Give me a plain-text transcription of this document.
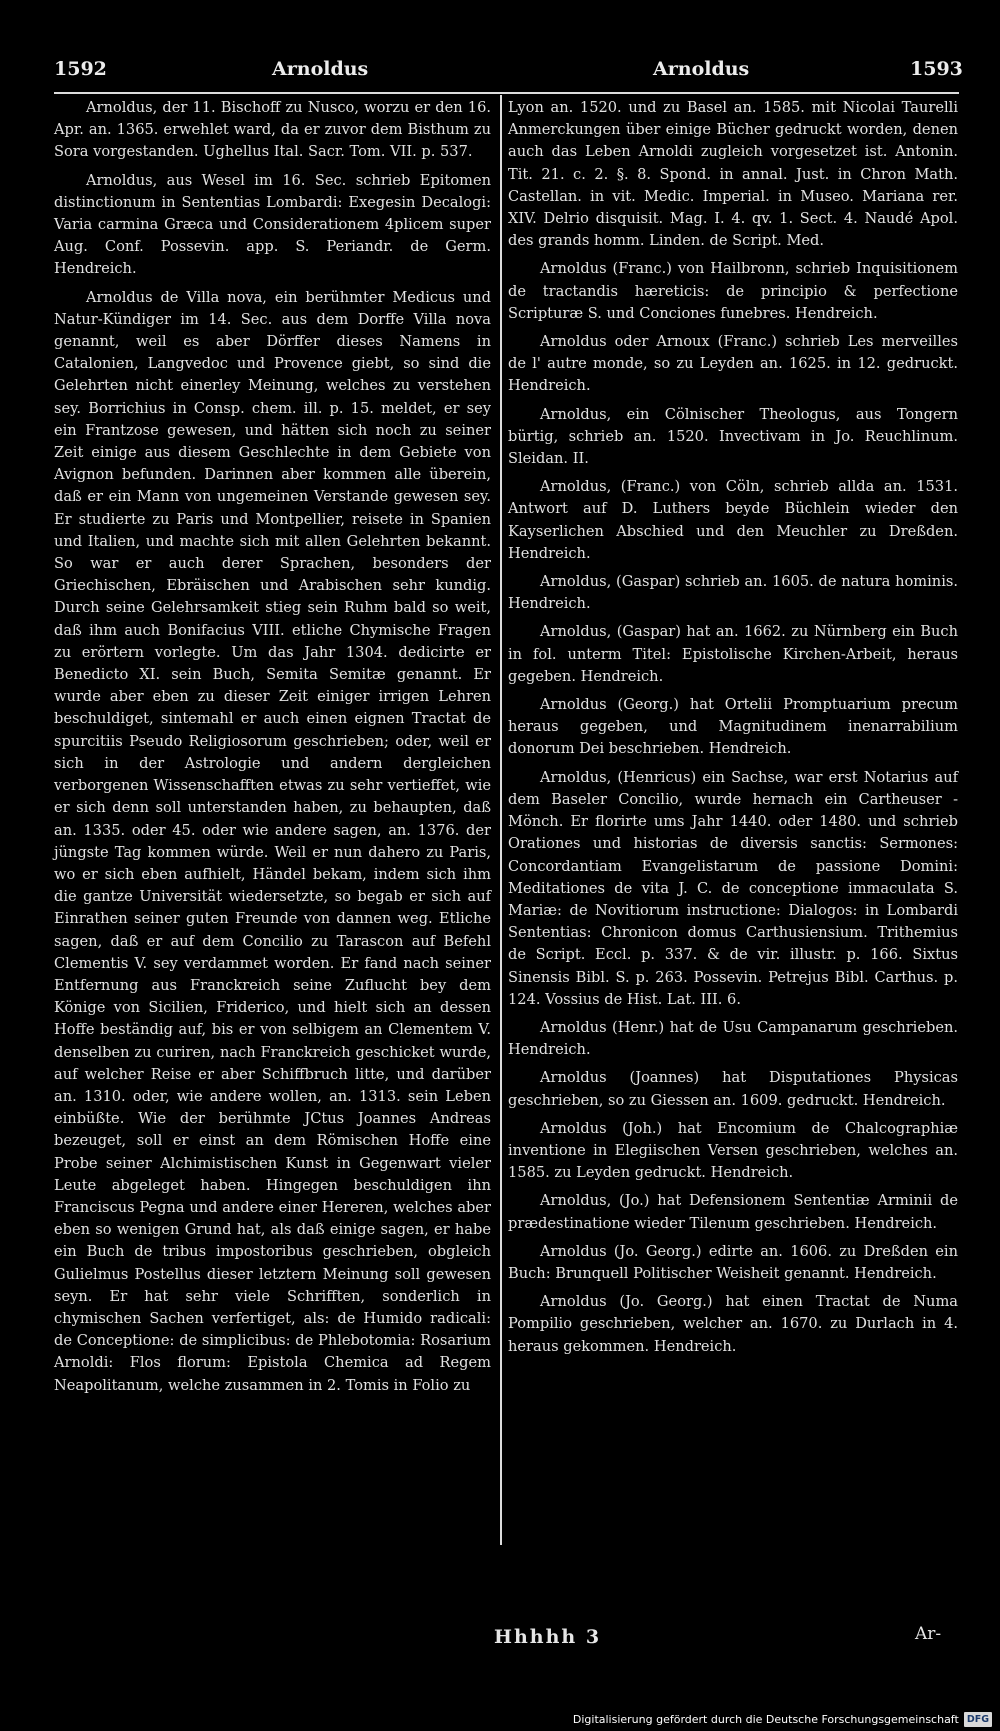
1592	Arnoldus	Arnoldus	1593

Arnoldus, der 11. Bischoff zu Nusco, worzu er den 16. Apr. an. 1365. erwehlet ward, da er zuvor dem Bisthum zu Sora vorgestanden. Ughellus Ital. Sacr. Tom. VII. p. 537.

Arnoldus, aus Wesel im 16. Sec. schrieb Epitomen distinctionum in Sententias Lombardi: Exegesin Decalogi: Varia carmina Græca und Considerationem 4plicem super Aug. Conf. Possevin. app. S. Periandr. de Germ. Hendreich.

Arnoldus de Villa nova, ein berühmter Medicus und Natur-Kündiger im 14. Sec. aus dem Dorffe Villa nova genannt, weil es aber Dörffer dieses Namens in Catalonien, Langvedoc und Provence giebt, so sind die Gelehrten nicht einerley Meinung, welches zu verstehen sey. Borrichius in Consp. chem. ill. p. 15. meldet, er sey ein Frantzose gewesen, und hätten sich noch zu seiner Zeit einige aus diesem Geschlechte in dem Gebiete von Avignon befunden. Darinnen aber kommen alle überein, daß er ein Mann von ungemeinen Verstande gewesen sey. Er studierte zu Paris und Montpellier, reisete in Spanien und Italien, und machte sich mit allen Gelehrten bekannt. So war er auch derer Sprachen, besonders der Griechischen, Ebräischen und Arabischen sehr kundig. Durch seine Gelehrsamkeit stieg sein Ruhm bald so weit, daß ihm auch Bonifacius VIII. etliche Chymische Fragen zu erörtern vorlegte. Um das Jahr 1304. dedicirte er Benedicto XI. sein Buch, Semita Semitæ genannt. Er wurde aber eben zu dieser Zeit einiger irrigen Lehren beschuldiget, sintemahl er auch einen eignen Tractat de spurcitiis Pseudo Religiosorum geschrieben; oder, weil er sich in der Astrologie und andern dergleichen verborgenen Wissenschafften etwas zu sehr vertieffet, wie er sich denn soll unterstanden haben, zu behaupten, daß an. 1335. oder 45. oder wie andere sagen, an. 1376. der jüngste Tag kommen würde. Weil er nun dahero zu Paris, wo er sich eben aufhielt, Händel bekam, indem sich ihm die gantze Universität wiedersetzte, so begab er sich auf Einrathen seiner guten Freunde von dannen weg. Etliche sagen, daß er auf dem Concilio zu Tarascon auf Befehl Clementis V. sey verdammet worden. Er fand nach seiner Entfernung aus Franckreich seine Zuflucht bey dem Könige von Sicilien, Friderico, und hielt sich an dessen Hoffe beständig auf, bis er von selbigem an Clementem V. denselben zu curiren, nach Franckreich geschicket wurde, auf welcher Reise er aber Schiffbruch litte, und darüber an. 1310. oder, wie andere wollen, an. 1313. sein Leben einbüßte. Wie der berühmte JCtus Joannes Andreas bezeuget, soll er einst an dem Römischen Hoffe eine Probe seiner Alchimistischen Kunst in Gegenwart vieler Leute abgeleget haben. Hingegen beschuldigen ihn Franciscus Pegna und andere einer Hereren, welches aber eben so wenigen Grund hat, als daß einige sagen, er habe ein Buch de tribus impostoribus geschrieben, obgleich Gulielmus Postellus dieser letztern Meinung soll gewesen seyn. Er hat sehr viele Schrifften, sonderlich in chymischen Sachen verfertiget, als: de Humido radicali: de Conceptione: de simplicibus: de Phlebotomia: Rosarium Arnoldi: Flos florum: Epistola Chemica ad Regem Neapolitanum, welche zusammen in 2. Tomis in Folio zu

Lyon an. 1520. und zu Basel an. 1585. mit Nicolai Taurelli Anmerckungen über einige Bücher gedruckt worden, denen auch das Leben Arnoldi zugleich vorgesetzet ist. Antonin. Tit. 21. c. 2. §. 8. Spond. in annal. Just. in Chron Math. Castellan. in vit. Medic. Imperial. in Museo. Mariana rer. XIV. Delrio disquisit. Mag. I. 4. qv. 1. Sect. 4. Naudé Apol. des grands homm. Linden. de Script. Med.

Arnoldus (Franc.) von Hailbronn, schrieb Inquisitionem de tractandis hæreticis: de principio & perfectione Scripturæ S. und Conciones funebres. Hendreich.

Arnoldus oder Arnoux (Franc.) schrieb Les merveilles de l' autre monde, so zu Leyden an. 1625. in 12. gedruckt. Hendreich.

Arnoldus, ein Cölnischer Theologus, aus Tongern bürtig, schrieb an. 1520. Invectivam in Jo. Reuchlinum. Sleidan. II.

Arnoldus, (Franc.) von Cöln, schrieb allda an. 1531. Antwort auf D. Luthers beyde Büchlein wieder den Kayserlichen Abschied und den Meuchler zu Dreßden. Hendreich.

Arnoldus, (Gaspar) schrieb an. 1605. de natura hominis. Hendreich.

Arnoldus, (Gaspar) hat an. 1662. zu Nürnberg ein Buch in fol. unterm Titel: Epistolische Kirchen-Arbeit, heraus gegeben. Hendreich.

Arnoldus (Georg.) hat Ortelii Promptuarium precum heraus gegeben, und Magnitudinem inenarrabilium donorum Dei beschrieben. Hendreich.

Arnoldus, (Henricus) ein Sachse, war erst Notarius auf dem Baseler Concilio, wurde hernach ein Cartheuser - Mönch. Er florirte ums Jahr 1440. oder 1480. und schrieb Orationes und historias de diversis sanctis: Sermones: Concordantiam Evangelistarum de passione Domini: Meditationes de vita J. C. de conceptione immaculata S. Mariæ: de Novitiorum instructione: Dialogos: in Lombardi Sententias: Chronicon domus Carthusiensium. Trithemius de Script. Eccl. p. 337. & de vir. illustr. p. 166. Sixtus Sinensis Bibl. S. p. 263. Possevin. Petrejus Bibl. Carthus. p. 124. Vossius de Hist. Lat. III. 6.

Arnoldus (Henr.) hat de Usu Campanarum geschrieben. Hendreich.

Arnoldus (Joannes) hat Disputationes Physicas geschrieben, so zu Giessen an. 1609. gedruckt. Hendreich.

Arnoldus (Joh.) hat Encomium de Chalcographiæ inventione in Elegiischen Versen geschrieben, welches an. 1585. zu Leyden gedruckt. Hendreich.

Arnoldus, (Jo.) hat Defensionem Sententiæ Arminii de prædestinatione wieder Tilenum geschrieben. Hendreich.

Arnoldus (Jo. Georg.) edirte an. 1606. zu Dreßden ein Buch: Brunquell Politischer Weisheit genannt. Hendreich.

Arnoldus (Jo. Georg.) hat einen Tractat de Numa Pompilio geschrieben, welcher an. 1670. zu Durlach in 4. heraus gekommen. Hendreich.

Hhhhh 3	Ar-
Digitalisierung gefördert durch die Deutsche Forschungsgemeinschaft DFG
